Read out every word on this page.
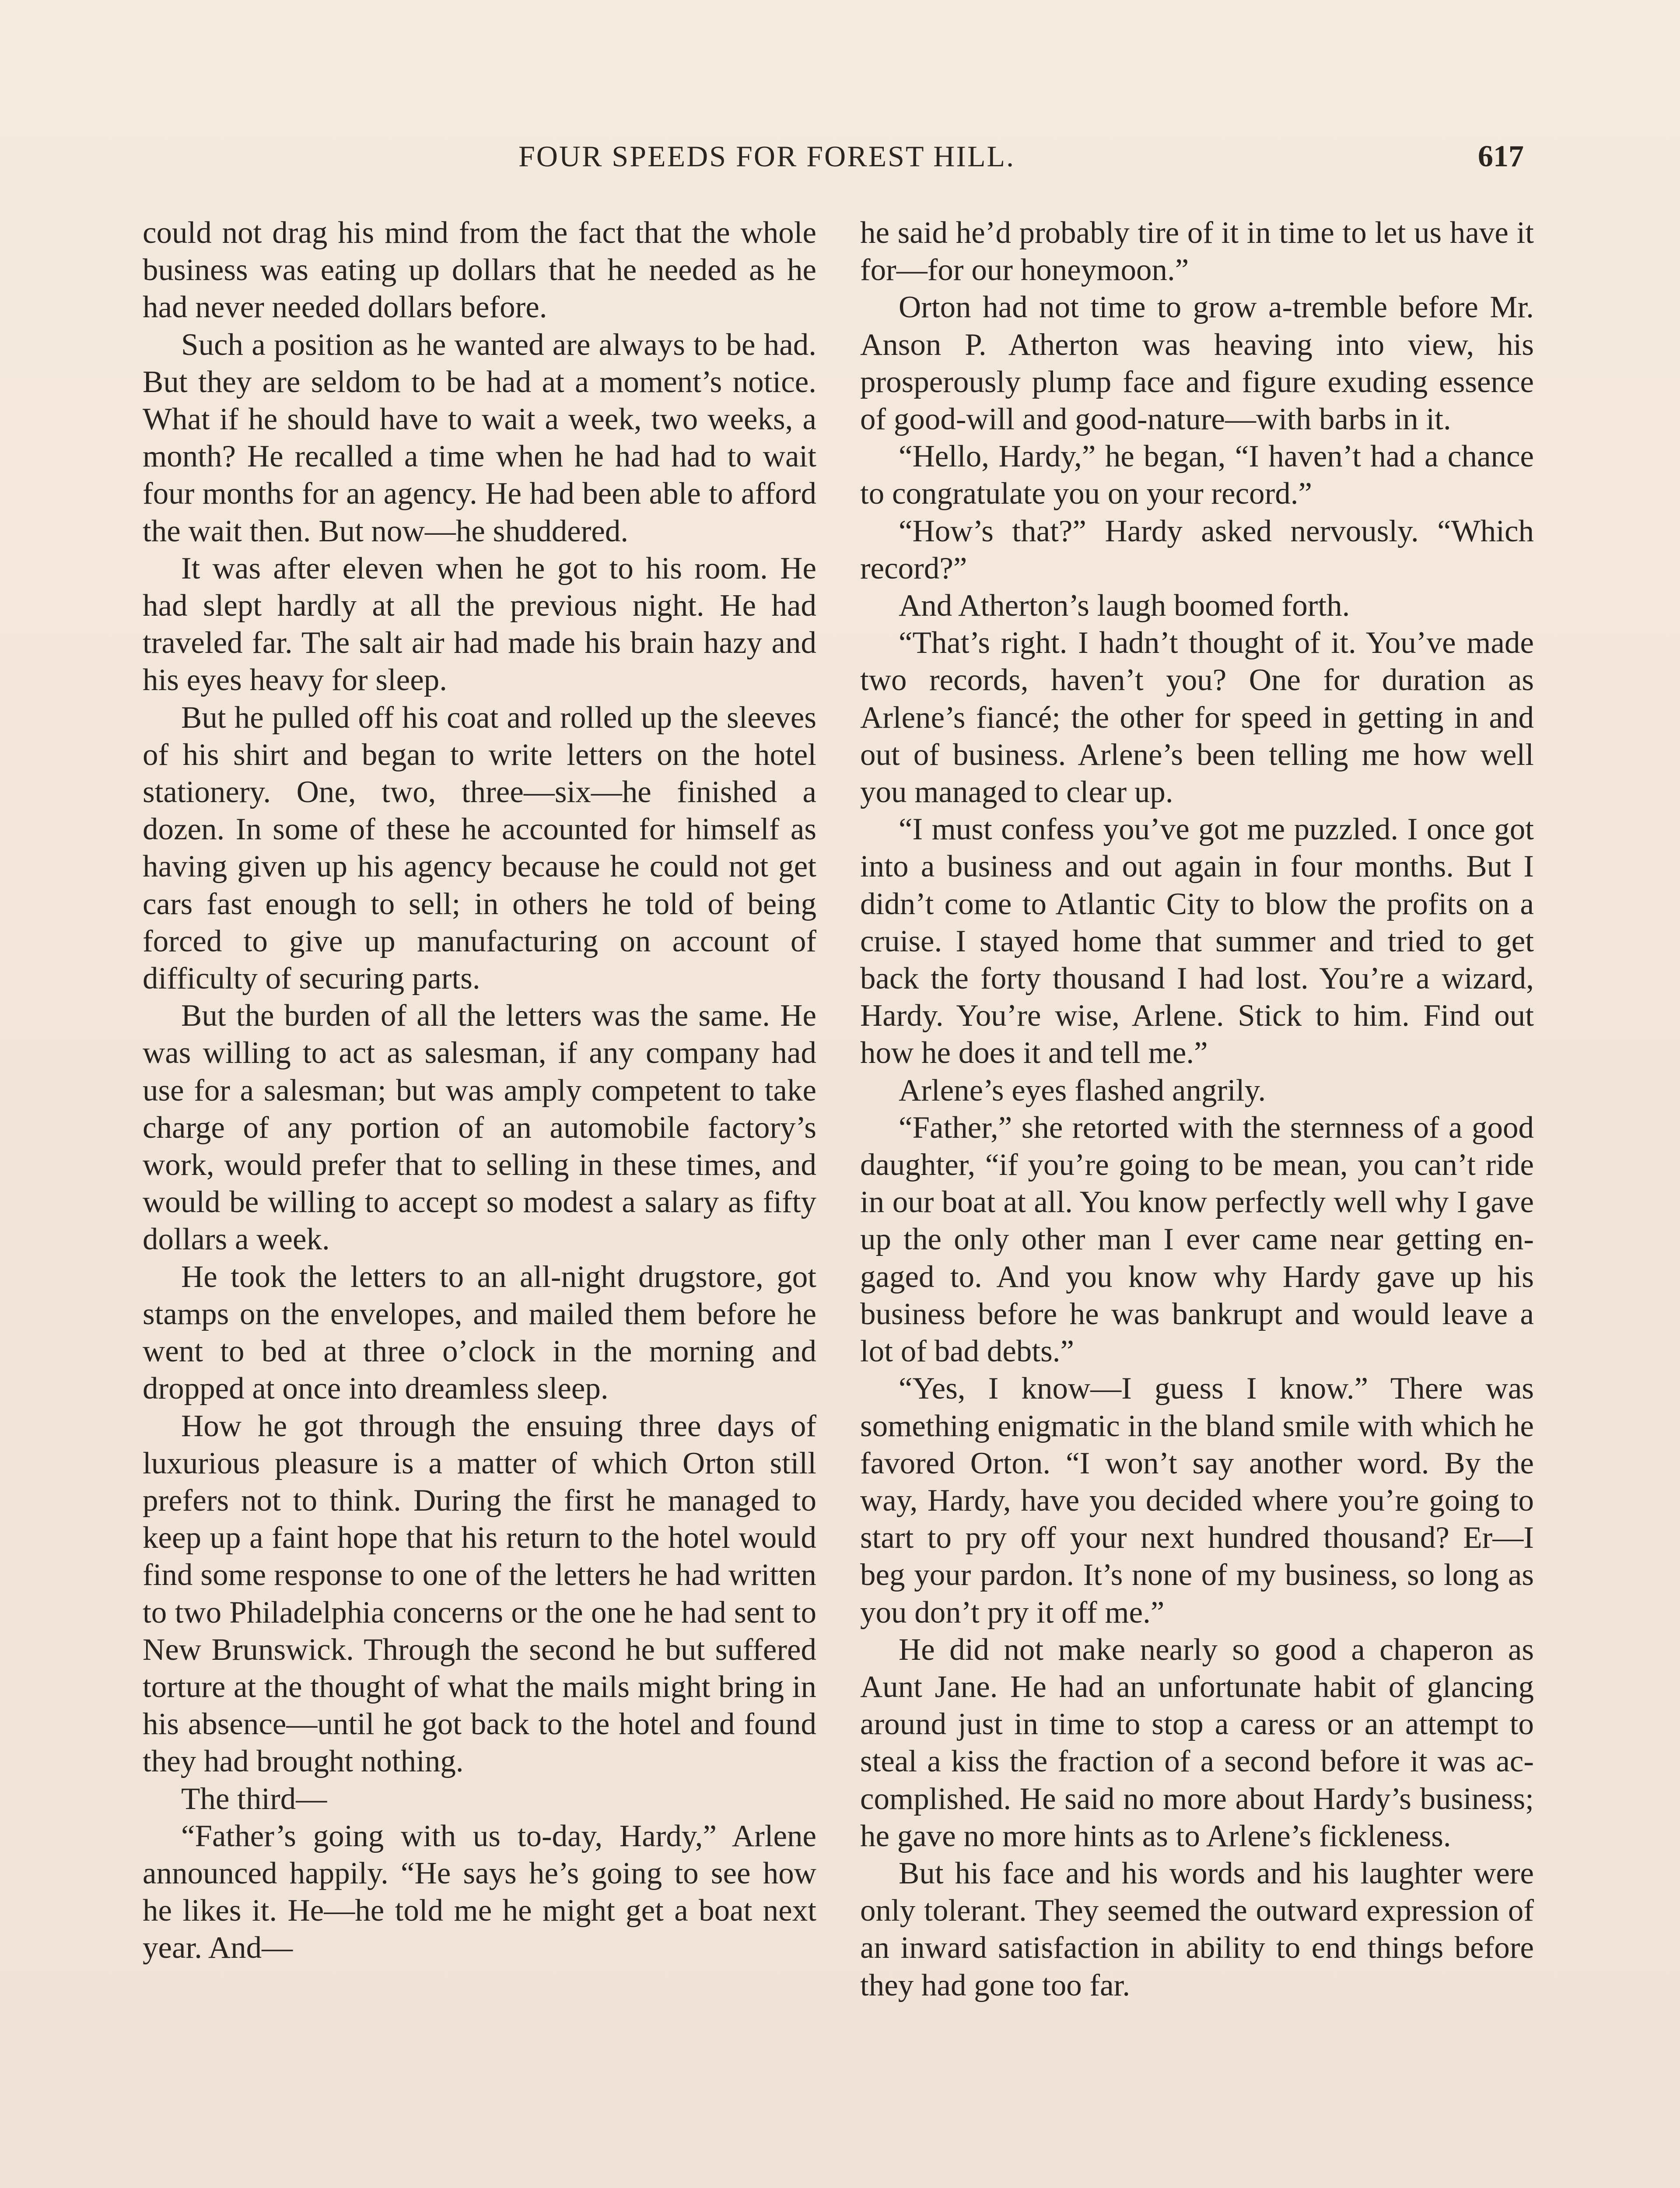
FOUR SPEEDS FOR FOREST HILL.	617

could not drag his mind from the fact that the whole business was eating up dollars that he needed as he had never needed dollars before.

Such a position as he wanted are always to be had. But they are seldom to be had at a moment’s notice. What if he should have to wait a week, two weeks, a month? He recalled a time when he had had to wait four months for an agency. He had been able to afford the wait then. But now—he shuddered.

It was after eleven when he got to his room. He had slept hardly at all the previous night. He had traveled far. The salt air had made his brain hazy and his eyes heavy for sleep.

But he pulled off his coat and rolled up the sleeves of his shirt and began to write letters on the hotel stationery. One, two, three—six—he finished a dozen. In some of these he accounted for himself as having given up his agency because he could not get cars fast enough to sell; in others he told of being forced to give up manufacturing on account of difficulty of securing parts.

But the burden of all the letters was the same. He was willing to act as salesman, if any company had use for a salesman; but was amply competent to take charge of any portion of an automobile factory’s work, would prefer that to selling in these times, and would be willing to accept so modest a salary as fifty dollars a week.

He took the letters to an all-night drugstore, got stamps on the envelopes, and mailed them before he went to bed at three o’clock in the morning and dropped at once into dreamless sleep.

How he got through the ensuing three days of luxurious pleasure is a matter of which Orton still prefers not to think. During the first he managed to keep up a faint hope that his return to the hotel would find some response to one of the letters he had written to two Philadelphia concerns or the one he had sent to New Brunswick. Through the second he but suffered torture at the thought of what the mails might bring in his absence—until he got back to the hotel and found they had brought nothing.

The third—

“Father’s going with us to-day, Hardy,” Arlene announced happily. “He says he’s going to see how he likes it. He—he told me he might get a boat next year. And—

he said he’d probably tire of it in time to let us have it for—for our honeymoon.”

Orton had not time to grow a-tremble before Mr. Anson P. Atherton was heaving into view, his prosperously plump face and figure exuding essence of good-will and good-nature—with barbs in it.

“Hello, Hardy,” he began, “I haven’t had a chance to congratulate you on your record.”

“How’s that?” Hardy asked nervously. “Which record?”

And Atherton’s laugh boomed forth.

“That’s right. I hadn’t thought of it. You’ve made two records, haven’t you? One for duration as Arlene’s fiancé; the other for speed in getting in and out of business. Arlene’s been telling me how well you managed to clear up.

“I must confess you’ve got me puzzled. I once got into a business and out again in four months. But I didn’t come to Atlantic City to blow the profits on a cruise. I stayed home that summer and tried to get back the forty thousand I had lost. You’re a wizard, Hardy. You’re wise, Arlene. Stick to him. Find out how he does it and tell me.”

Arlene’s eyes flashed angrily.

“Father,” she retorted with the sternness of a good daughter, “if you’re going to be mean, you can’t ride in our boat at all. You know perfectly well why I gave up the only other man I ever came near getting engaged to. And you know why Hardy gave up his business before he was bankrupt and would leave a lot of bad debts.”

“Yes, I know—I guess I know.” There was something enigmatic in the bland smile with which he favored Orton. “I won’t say another word. By the way, Hardy, have you decided where you’re going to start to pry off your next hundred thousand? Er—I beg your pardon. It’s none of my business, so long as you don’t pry it off me.”

He did not make nearly so good a chaperon as Aunt Jane. He had an unfortunate habit of glancing around just in time to stop a caress or an attempt to steal a kiss the fraction of a second before it was accomplished. He said no more about Hardy’s business; he gave no more hints as to Arlene’s fickleness.

But his face and his words and his laughter were only tolerant. They seemed the outward expression of an inward satisfaction in ability to end things before they had gone too far.
